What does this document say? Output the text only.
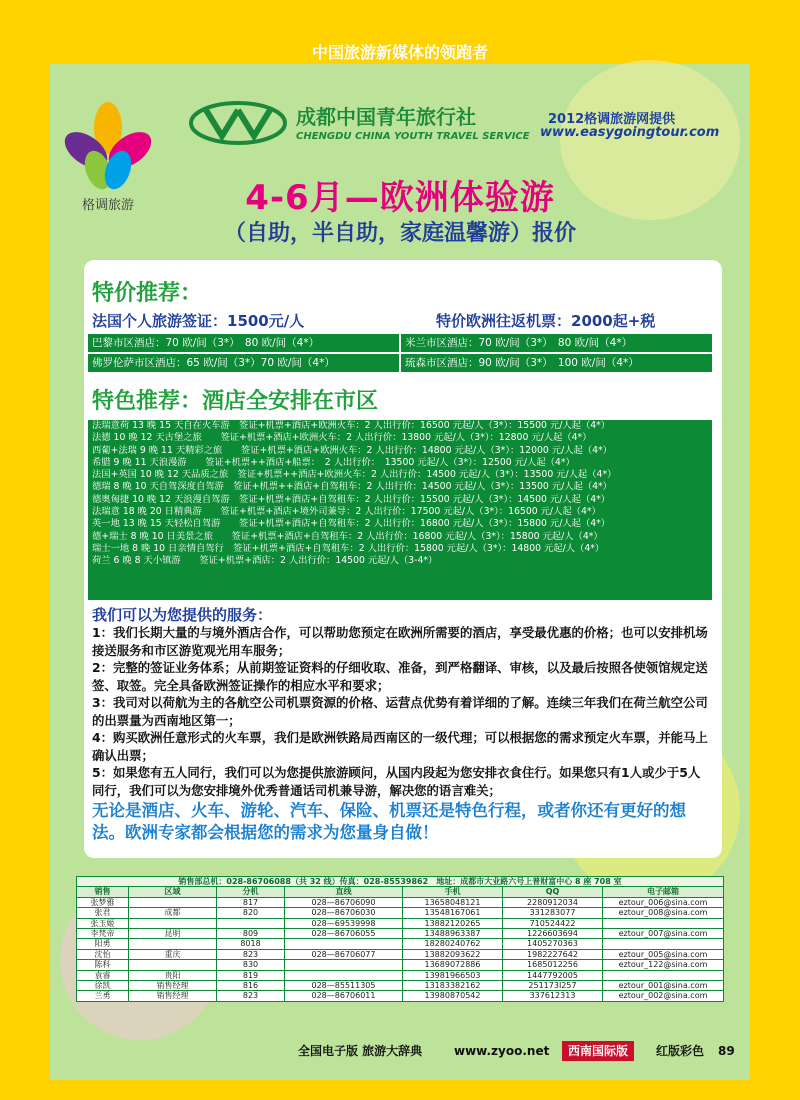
中国旅游新媒体的领跑者
格调旅游
成都中国青年旅行社
CHENGDU CHINA YOUTH TRAVEL SERVICE
2012格调旅游网提供
www.easygoingtour.com
4-6月—欧洲体验游
（自助，半自助，家庭温馨游）报价
特价推荐：
法国个人旅游签证：1500元/人	特价欧洲往返机票：2000起+税
巴黎市区酒店：70 欧/间（3*）　80 欧/间（4*）	米兰市区酒店：70 欧/间（3*）　80 欧/间（4*）
佛罗伦萨市区酒店：65 欧/间（3*）70 欧/间（4*）	琉森市区酒店：90 欧/间（3*）　100 欧/间（4*）
特色推荐：酒店全安排在市区
法瑞意荷 13 晚 15 天自在火车游　签证+机票+酒店+欧洲火车：2 人出行价：16500 元起/人（3*）：15500 元/人起（4*）
法德 10 晚 12 天古堡之旅　　签证+机票+酒店+欧洲火车：2 人出行价：13800 元起/人（3*）：12800 元/人起（4*）
西葡+法瑞 9 晚 11 天精彩之旅　　签证+机票+酒店+欧洲火车：2 人出行价：14800 元起/人（3*）：12000 元/人起（4*）
希腊 9 晚 11 天浪漫游　　签证+机票++酒店+船票：　2 人出行价：　13500 元起/人（3*）：12500 元/人起（4*）
法国+英国 10 晚 12 天品质之旅　签证+机票++酒店+欧洲火车：2 人出行价：14500 元起/人（3*）：13500 元/人起（4*）
德瑞 8 晚 10 天自驾深度自驾游　签证+机票++酒店+自驾租车：2 人出行价：14500 元起/人（3*）：13500 元/人起（4*）
德奥匈捷 10 晚 12 天浪漫自驾游　签证+机票+酒店+自驾租车：2 人出行价：15500 元起/人（3*）：14500 元/人起（4*）
法瑞意 18 晚 20 日精典游　　签证+机票+酒店+境外司兼导：2 人出行价：17500 元起/人（3*）：16500 元/人起（4*）
英一地 13 晚 15 天轻松自驾游　　签证+机票+酒店+自驾租车：2 人出行价：16800 元起/人（3*）：15800 元/人起（4*）
德+瑞士 8 晚 10 日美景之旅　　签证+机票+酒店+自驾租车：2 人出行价：16800 元起/人（3*）：15800 元起/人（4*）
瑞士一地 8 晚 10 日亲情自驾行　签证+机票+酒店+自驾租车：2 人出行价：15800 元起/人（3*）：14800 元起/人（4*）
荷兰 6 晚 8 天小镇游　　签证+机票+酒店：2 人出行价：14500 元起/人（3-4*）
我们可以为您提供的服务：
1：我们长期大量的与境外酒店合作，可以帮助您预定在欧洲所需要的酒店，享受最优惠的价格；也可以安排机场接送服务和市区游览观光用车服务；
2：完整的签证业务体系；从前期签证资料的仔细收取、准备，到严格翻译、审核，以及最后按照各使领馆规定送签、取签。完全具备欧洲签证操作的相应水平和要求；
3：我司对以荷航为主的各航空公司机票资源的价格、运营点优势有着详细的了解。连续三年我们在荷兰航空公司的出票量为西南地区第一；
4：购买欧洲任意形式的火车票，我们是欧洲铁路局西南区的一级代理；可以根据您的需求预定火车票，并能马上确认出票；
5：如果您有五人同行，我们可以为您提供旅游顾问，从国内段起为您安排衣食住行。如果您只有1人或少于5人同行，我们可以为您安排境外优秀普通话司机兼导游，解决您的语言难关；
无论是酒店、火车、游轮、汽车、保险、机票还是特色行程，或者你还有更好的想法。欧洲专家都会根据您的需求为您量身自做！
销售部总机：028-86706088（共 32 线）传真：028-85539862　地址：成都市大业路六号上普财富中心 8 座 708 室						
销售	区域	分机	直线	手机	QQ	电子邮箱
张梦雅		817	028—86706090	13658048121	2280912034	eztour_006@sina.com
张君	成都	820	028—86706030	13548167061	331283077	eztour_008@sina.com
张玉姬			028—69539998	13882120265	710524422	
李梵帝	昆明	809	028—86706055	13488963387	1226603694	eztour_007@sina.com
阳勇		8018		18280240762	1405270363	
沈怡	重庆	823	028—86706077	13882093622	1982227642	eztour_005@sina.com
陈科		830		13689072886	1685012256	eztour_122@sina.com
袁睿	贵阳	819		13981966503	1447792005	
徐凯	销售经理	816	028—85511305	13183382162	251173I257	eztour_001@sina.com
兰勇	销售经理	823	028—86706011	13980870542	337612313	eztour_002@sina.com
全国电子版 旅游大辞典	www.zyoo.net	西南国际版	红版彩色 89
